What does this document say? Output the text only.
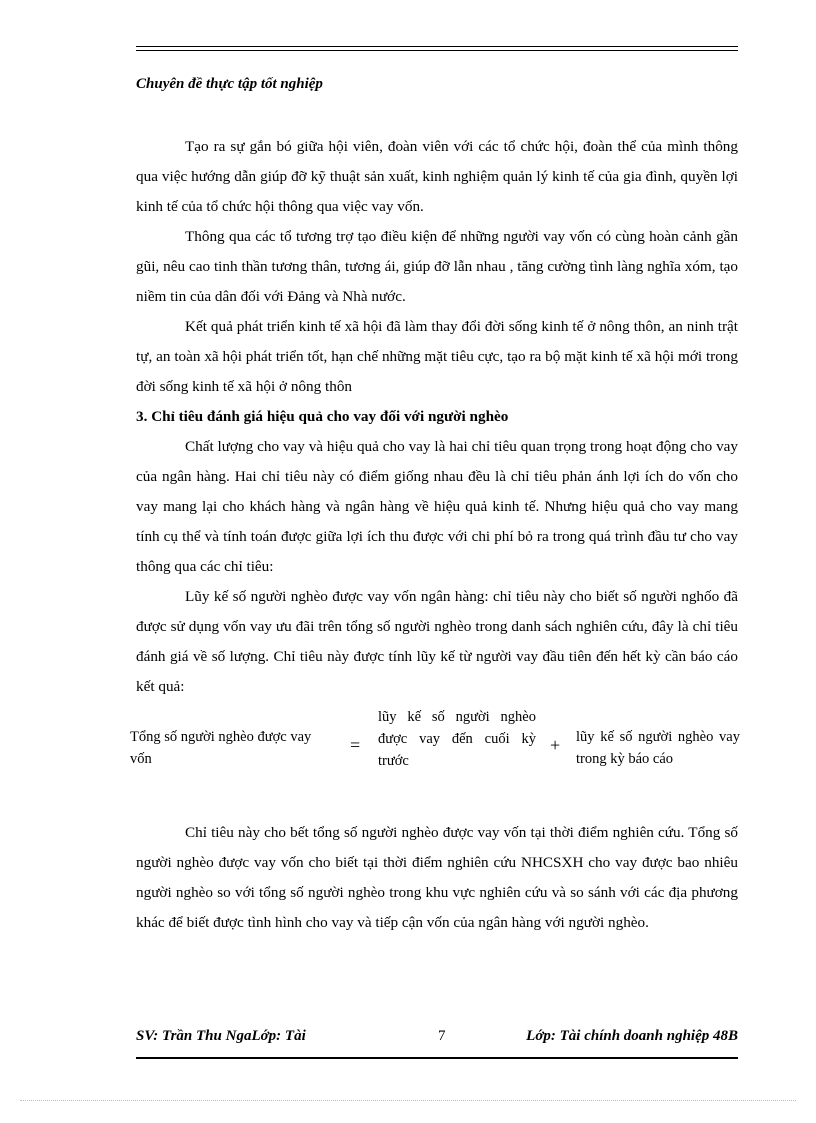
Chuyên đề thực tập tốt nghiệp

Tạo ra sự gắn bó giữa hội viên, đoàn viên với các tổ chức hội, đoàn thể của mình thông qua việc hướng dẫn giúp đỡ kỹ thuật sản xuất, kinh nghiệm quản lý kinh tế của gia đình, quyền lợi kinh tế của tổ chức hội thông qua việc vay vốn.

Thông qua các tổ tương trợ tạo điều kiện để những người vay vốn có cùng hoàn cảnh gần gũi, nêu cao tinh thần tương thân, tương ái, giúp đỡ lẫn nhau , tăng cường tình làng nghĩa xóm, tạo niềm tin của dân đối với Đảng và Nhà nước.

Kết quả phát triển kinh tế xã hội đã làm thay đổi đời sống kinh tế ở nông thôn, an ninh trật tự, an toàn xã hội phát triển tốt, hạn chế những mặt tiêu cực, tạo ra bộ mặt kinh tế xã hội mới trong đời sống kinh tế xã hội ở nông thôn

3. Chỉ tiêu đánh giá hiệu quả cho vay đối với người nghèo

Chất lượng cho vay và hiệu quả cho vay là hai chỉ tiêu quan trọng trong hoạt động cho vay của ngân hàng. Hai chỉ tiêu này có điểm giống nhau đều là chỉ tiêu phản ánh lợi ích do vốn cho vay mang lại cho khách hàng và ngân hàng về hiệu quả kinh tế. Nhưng hiệu quả cho vay mang tính cụ thể và tính toán được giữa lợi ích thu được với chi phí bỏ ra trong quá trình đầu tư cho vay thông qua các chỉ tiêu:

Lũy kế số người nghèo được vay vốn ngân hàng: chỉ tiêu này cho biết số người nghốo đã được sử dụng vốn vay ưu đãi trên tổng số người nghèo trong danh sách nghiên cứu, đây là chỉ tiêu đánh giá về số lượng. Chỉ tiêu này được tính lũy kế từ người vay đầu tiên đến hết kỳ cần báo cáo kết quả:

Tổng số người nghèo được vay vốn
=
lũy kế số người nghèo được vay đến cuối kỳ trước
+ lũy kế số người nghèo vay trong kỳ báo cáo

Chỉ tiêu này cho bết tổng số người nghèo được vay vốn tại thời điểm nghiên cứu. Tổng số người nghèo được vay vốn cho biết tại thời điểm nghiên cứu NHCSXH cho vay được bao nhiêu người nghèo so với tổng số người nghèo trong khu vực nghiên cứu và so sánh với các địa phương khác để biết được tình hình cho vay và tiếp cận vốn của ngân hàng với người nghèo.

SV: Trần Thu NgaLớp: Tài	7	Lớp: Tài chính doanh nghiệp 48B
